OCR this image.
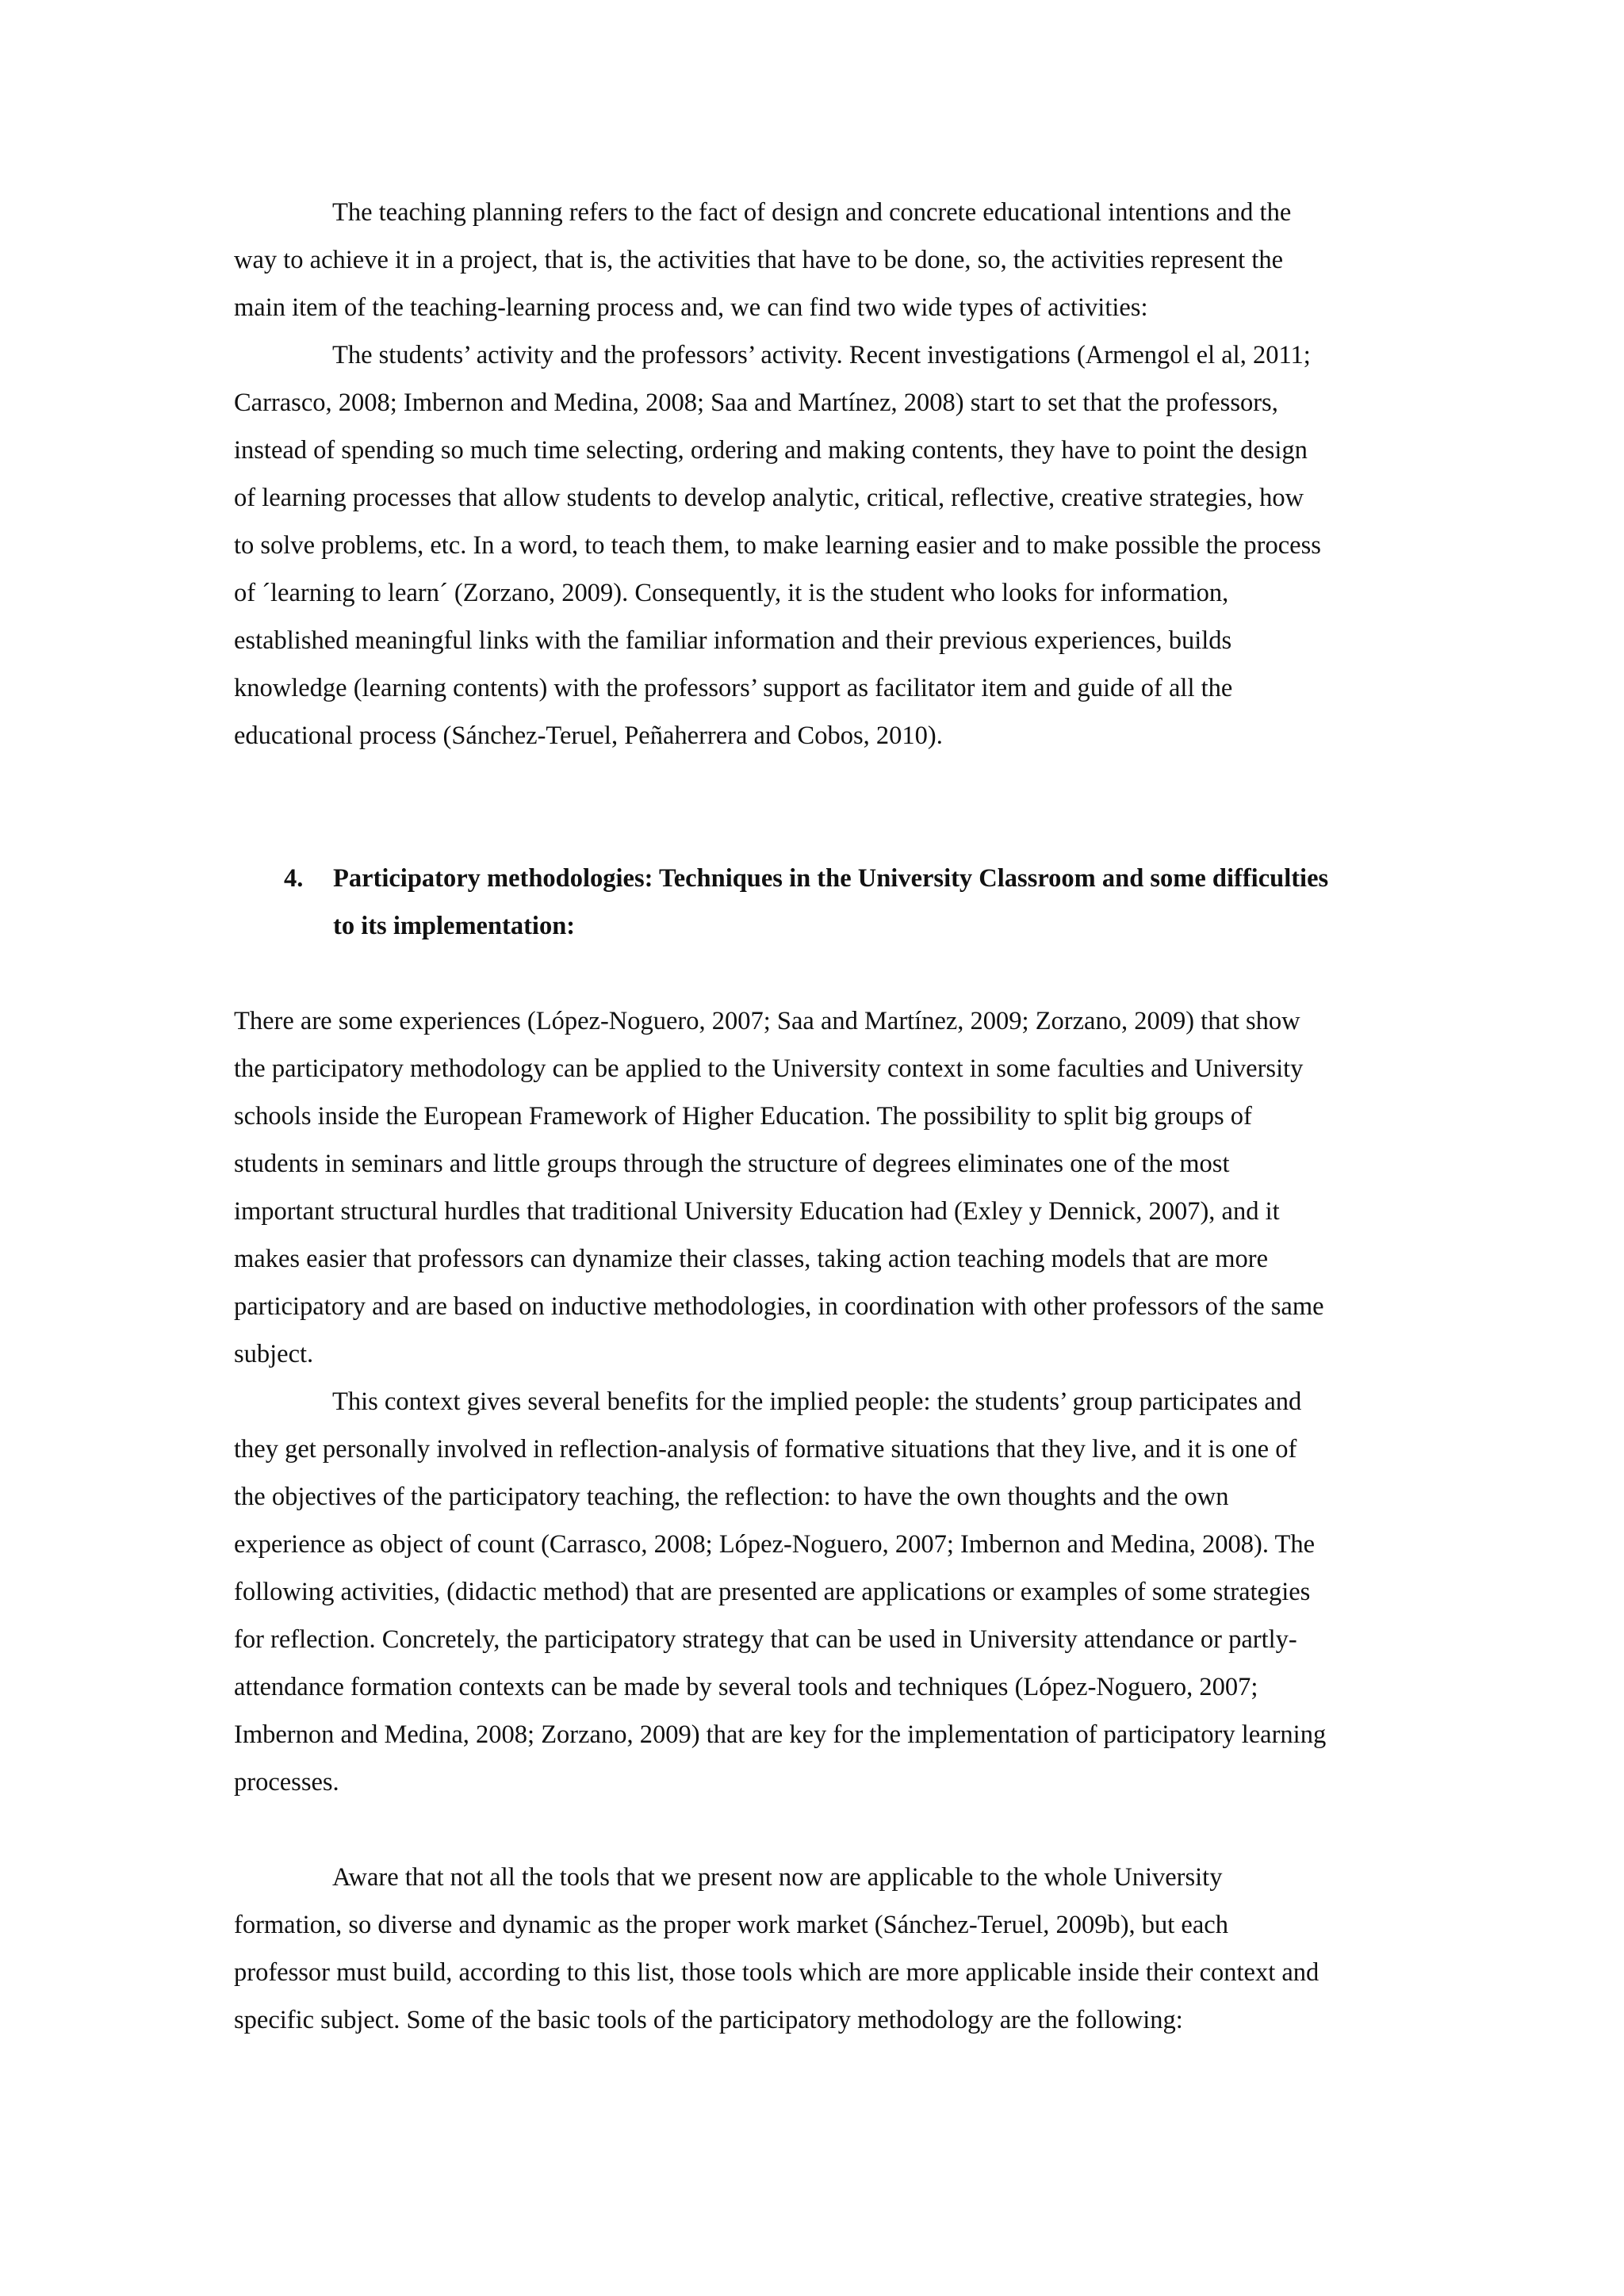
The teaching planning refers to the fact of design and concrete educational intentions and the
way to achieve it in a project, that is, the activities that have to be done, so, the activities represent the
main item of the teaching-learning process and, we can find two wide types of activities:

The students’ activity and the professors’ activity. Recent investigations (Armengol el al, 2011;
Carrasco, 2008; Imbernon and Medina, 2008; Saa and Martínez, 2008) start to set that the professors,
instead of spending so much time selecting, ordering and making contents, they have to point the design
of learning processes that allow students to develop analytic, critical, reflective, creative strategies, how
to solve problems, etc. In a word, to teach them, to make learning easier and to make possible the process
of ´learning to learn´ (Zorzano, 2009). Consequently, it is the student who looks for information,
established meaningful links with the familiar information and their previous experiences, builds
knowledge (learning contents) with the professors’ support as facilitator item and guide of all the
educational process (Sánchez-Teruel, Peñaherrera and Cobos, 2010).

4. Participatory methodologies: Techniques in the University Classroom and some difficulties
to its implementation:

There are some experiences (López-Noguero, 2007; Saa and Martínez, 2009; Zorzano, 2009) that show
the participatory methodology can be applied to the University context in some faculties and University
schools inside the European Framework of Higher Education. The possibility to split big groups of
students in seminars and little groups through the structure of degrees eliminates one of the most
important structural hurdles that traditional University Education had (Exley y Dennick, 2007), and it
makes easier that professors can dynamize their classes, taking action teaching models that are more
participatory and are based on inductive methodologies, in coordination with other professors of the same
subject.

This context gives several benefits for the implied people: the students’ group participates and
they get personally involved in reflection-analysis of formative situations that they live, and it is one of
the objectives of the participatory teaching, the reflection: to have the own thoughts and the own
experience as object of count (Carrasco, 2008; López-Noguero, 2007; Imbernon and Medina, 2008). The
following activities, (didactic method) that are presented are applications or examples of some strategies
for reflection. Concretely, the participatory strategy that can be used in University attendance or partly-
attendance formation contexts can be made by several tools and techniques (López-Noguero, 2007;
Imbernon and Medina, 2008; Zorzano, 2009) that are key for the implementation of participatory learning
processes.

Aware that not all the tools that we present now are applicable to the whole University
formation, so diverse and dynamic as the proper work market (Sánchez-Teruel, 2009b), but each
professor must build, according to this list, those tools which are more applicable inside their context and
specific subject. Some of the basic tools of the participatory methodology are the following:
